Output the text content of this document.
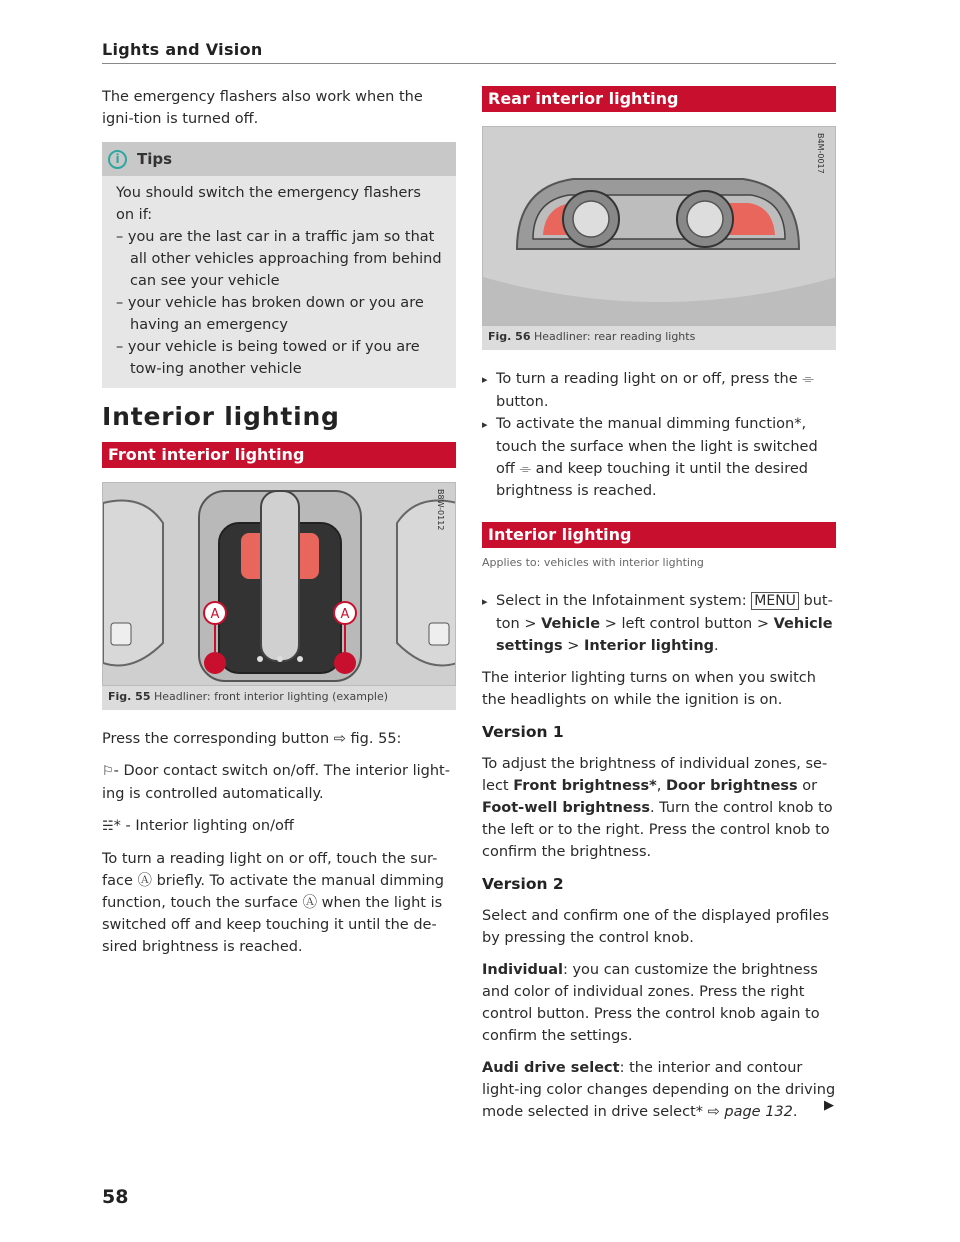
Lights and Vision

The emergency flashers also work when the igni-tion is turned off.

i	Tips

You should switch the emergency flashers on if:

– you are the last car in a traffic jam so that all other vehicles approaching from behind can see your vehicle

– your vehicle has broken down or you are having an emergency

– your vehicle is being towed or if you are tow-ing another vehicle

Interior lighting
Front interior lighting
A	A
B8W-0112
Fig. 55 Headliner: front interior lighting (example)

Press the corresponding button ⇨ fig. 55:

⚐- Door contact switch on/off. The interior light-ing is controlled automatically.

☵* - Interior lighting on/off

To turn a reading light on or off, touch the sur-face Ⓐ briefly. To activate the manual dimming function, touch the surface Ⓐ when the light is switched off and keep touching it until the de-sired brightness is reached.

Rear interior lighting
B4M-0017
Fig. 56 Headliner: rear reading lights

▸ To turn a reading light on or off, press the ⌯ button.

▸ To activate the manual dimming function*, touch the surface when the light is switched off ⌯ and keep touching it until the desired brightness is reached.

Interior lighting
Applies to: vehicles with interior lighting

▸ Select in the Infotainment system: MENU but-ton > Vehicle > left control button > Vehicle settings > Interior lighting.

The interior lighting turns on when you switch the headlights on while the ignition is on.

Version 1

To adjust the brightness of individual zones, se-lect Front brightness*, Door brightness or Foot-well brightness. Turn the control knob to the left or to the right. Press the control knob to confirm the brightness.

Version 2

Select and confirm one of the displayed profiles by pressing the control knob.

Individual: you can customize the brightness and color of individual zones. Press the right control button. Press the control knob again to confirm the settings.

Audi drive select: the interior and contour light-ing color changes depending on the driving mode selected in drive select* ⇨ page 132.	▶
58
